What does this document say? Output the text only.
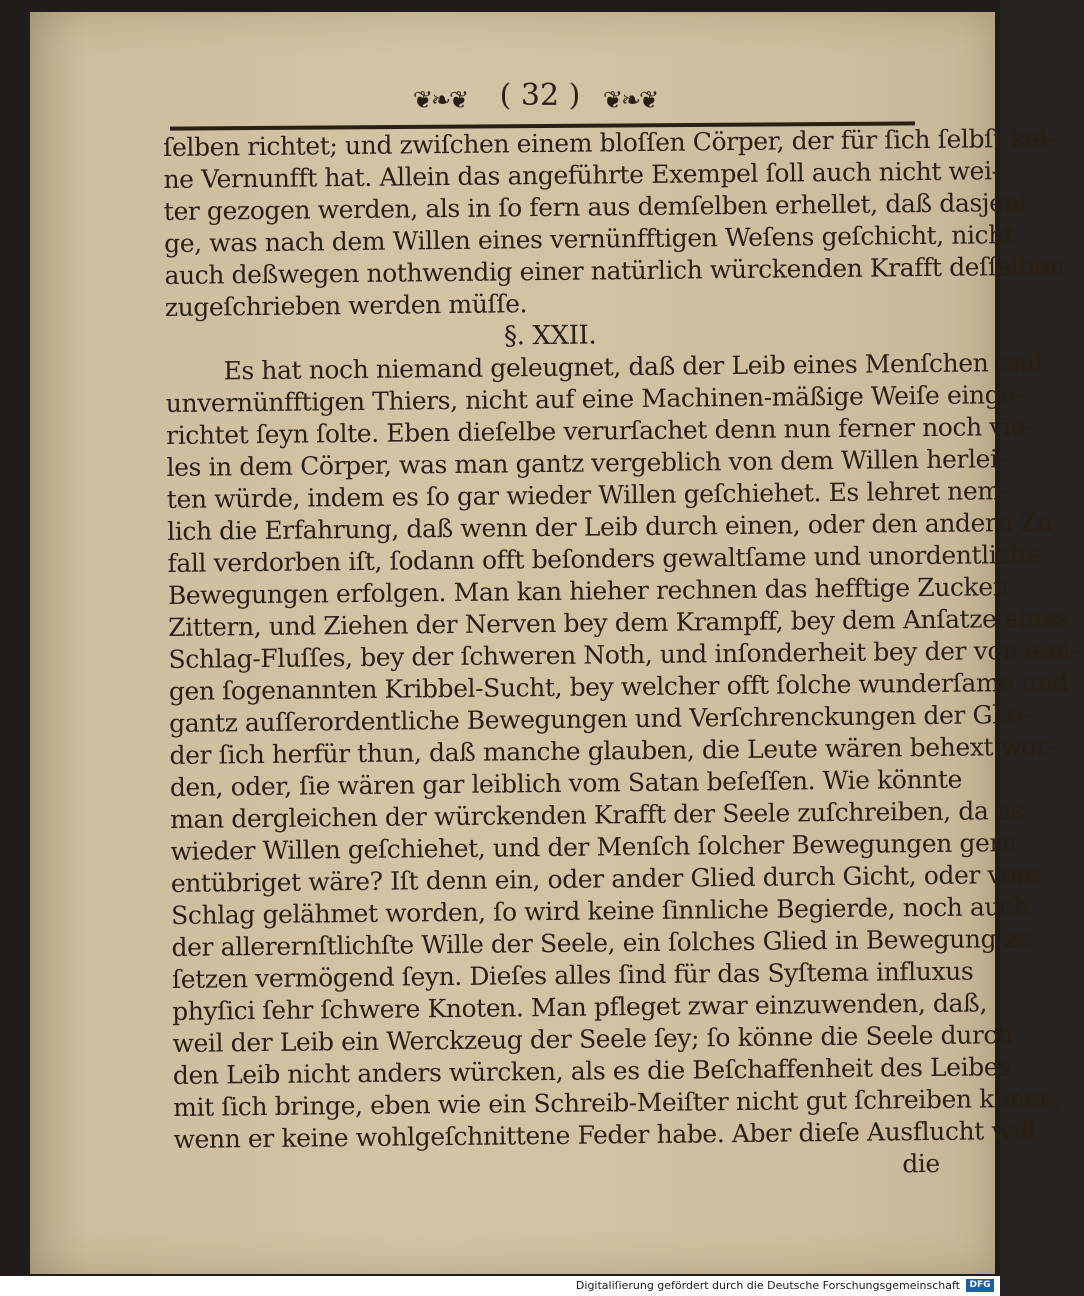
❦❧❦ ( 32 ) ❦❧❦
ſelben richtet; und zwiſchen einem bloſſen Cörper, der für ſich ſelbſt kei-
ne Vernunfft hat. Allein das angeführte Exempel ſoll auch nicht wei-
ter gezogen werden, als in ſo fern aus demſelben erhellet, daß dasjeni-
ge, was nach dem Willen eines vernünfftigen Weſens geſchicht, nicht
auch deßwegen nothwendig einer natürlich würckenden Krafft deſſelben
zugeſchrieben werden müſſe.
§. XXII.
Es hat noch niemand geleugnet, daß der Leib eines Menſchen und
unvernünfftigen Thiers, nicht auf eine Machinen-mäßige Weiſe einge-
richtet ſeyn ſolte. Eben dieſelbe verurſachet denn nun ferner noch vie-
les in dem Cörper, was man gantz vergeblich von dem Willen herlei-
ten würde, indem es ſo gar wieder Willen geſchiehet. Es lehret nem-
lich die Erfahrung, daß wenn der Leib durch einen, oder den andern Zu-
fall verdorben iſt, ſodann offt beſonders gewaltſame und unordentliche
Bewegungen erfolgen. Man kan hieher rechnen das hefftige Zucken,
Zittern, und Ziehen der Nerven bey dem Krampff, bey dem Anſatze eines
Schlag-Fluſſes, bey der ſchweren Noth, und inſonderheit bey der von eini-
gen ſogenannten Kribbel-Sucht, bey welcher offt ſolche wunderſame und
gantz auſſerordentliche Bewegungen und Verſchrenckungen der Glie-
der ſich herfür thun, daß manche glauben, die Leute wären behext wor-
den, oder, ſie wären gar leiblich vom Satan beſeſſen. Wie könnte
man dergleichen der würckenden Krafft der Seele zuſchreiben, da es
wieder Willen geſchiehet, und der Menſch ſolcher Bewegungen gern
entübriget wäre? Iſt denn ein, oder ander Glied durch Gicht, oder vom
Schlag gelähmet worden, ſo wird keine ſinnliche Begierde, noch auch
der allerernſtlichſte Wille der Seele, ein ſolches Glied in Bewegung zu
ſetzen vermögend ſeyn. Dieſes alles ſind für das Syſtema influxus
phyſici ſehr ſchwere Knoten. Man pfleget zwar einzuwenden, daß,
weil der Leib ein Werckzeug der Seele ſey; ſo könne die Seele durch
den Leib nicht anders würcken, als es die Beſchaffenheit des Leibes
mit ſich bringe, eben wie ein Schreib-Meiſter nicht gut ſchreiben könne,
wenn er keine wohlgeſchnittene Feder habe. Aber dieſe Ausflucht will
die
Digitaliſierung gefördert durch die Deutsche Forschungsgemeinschaft	DFG
